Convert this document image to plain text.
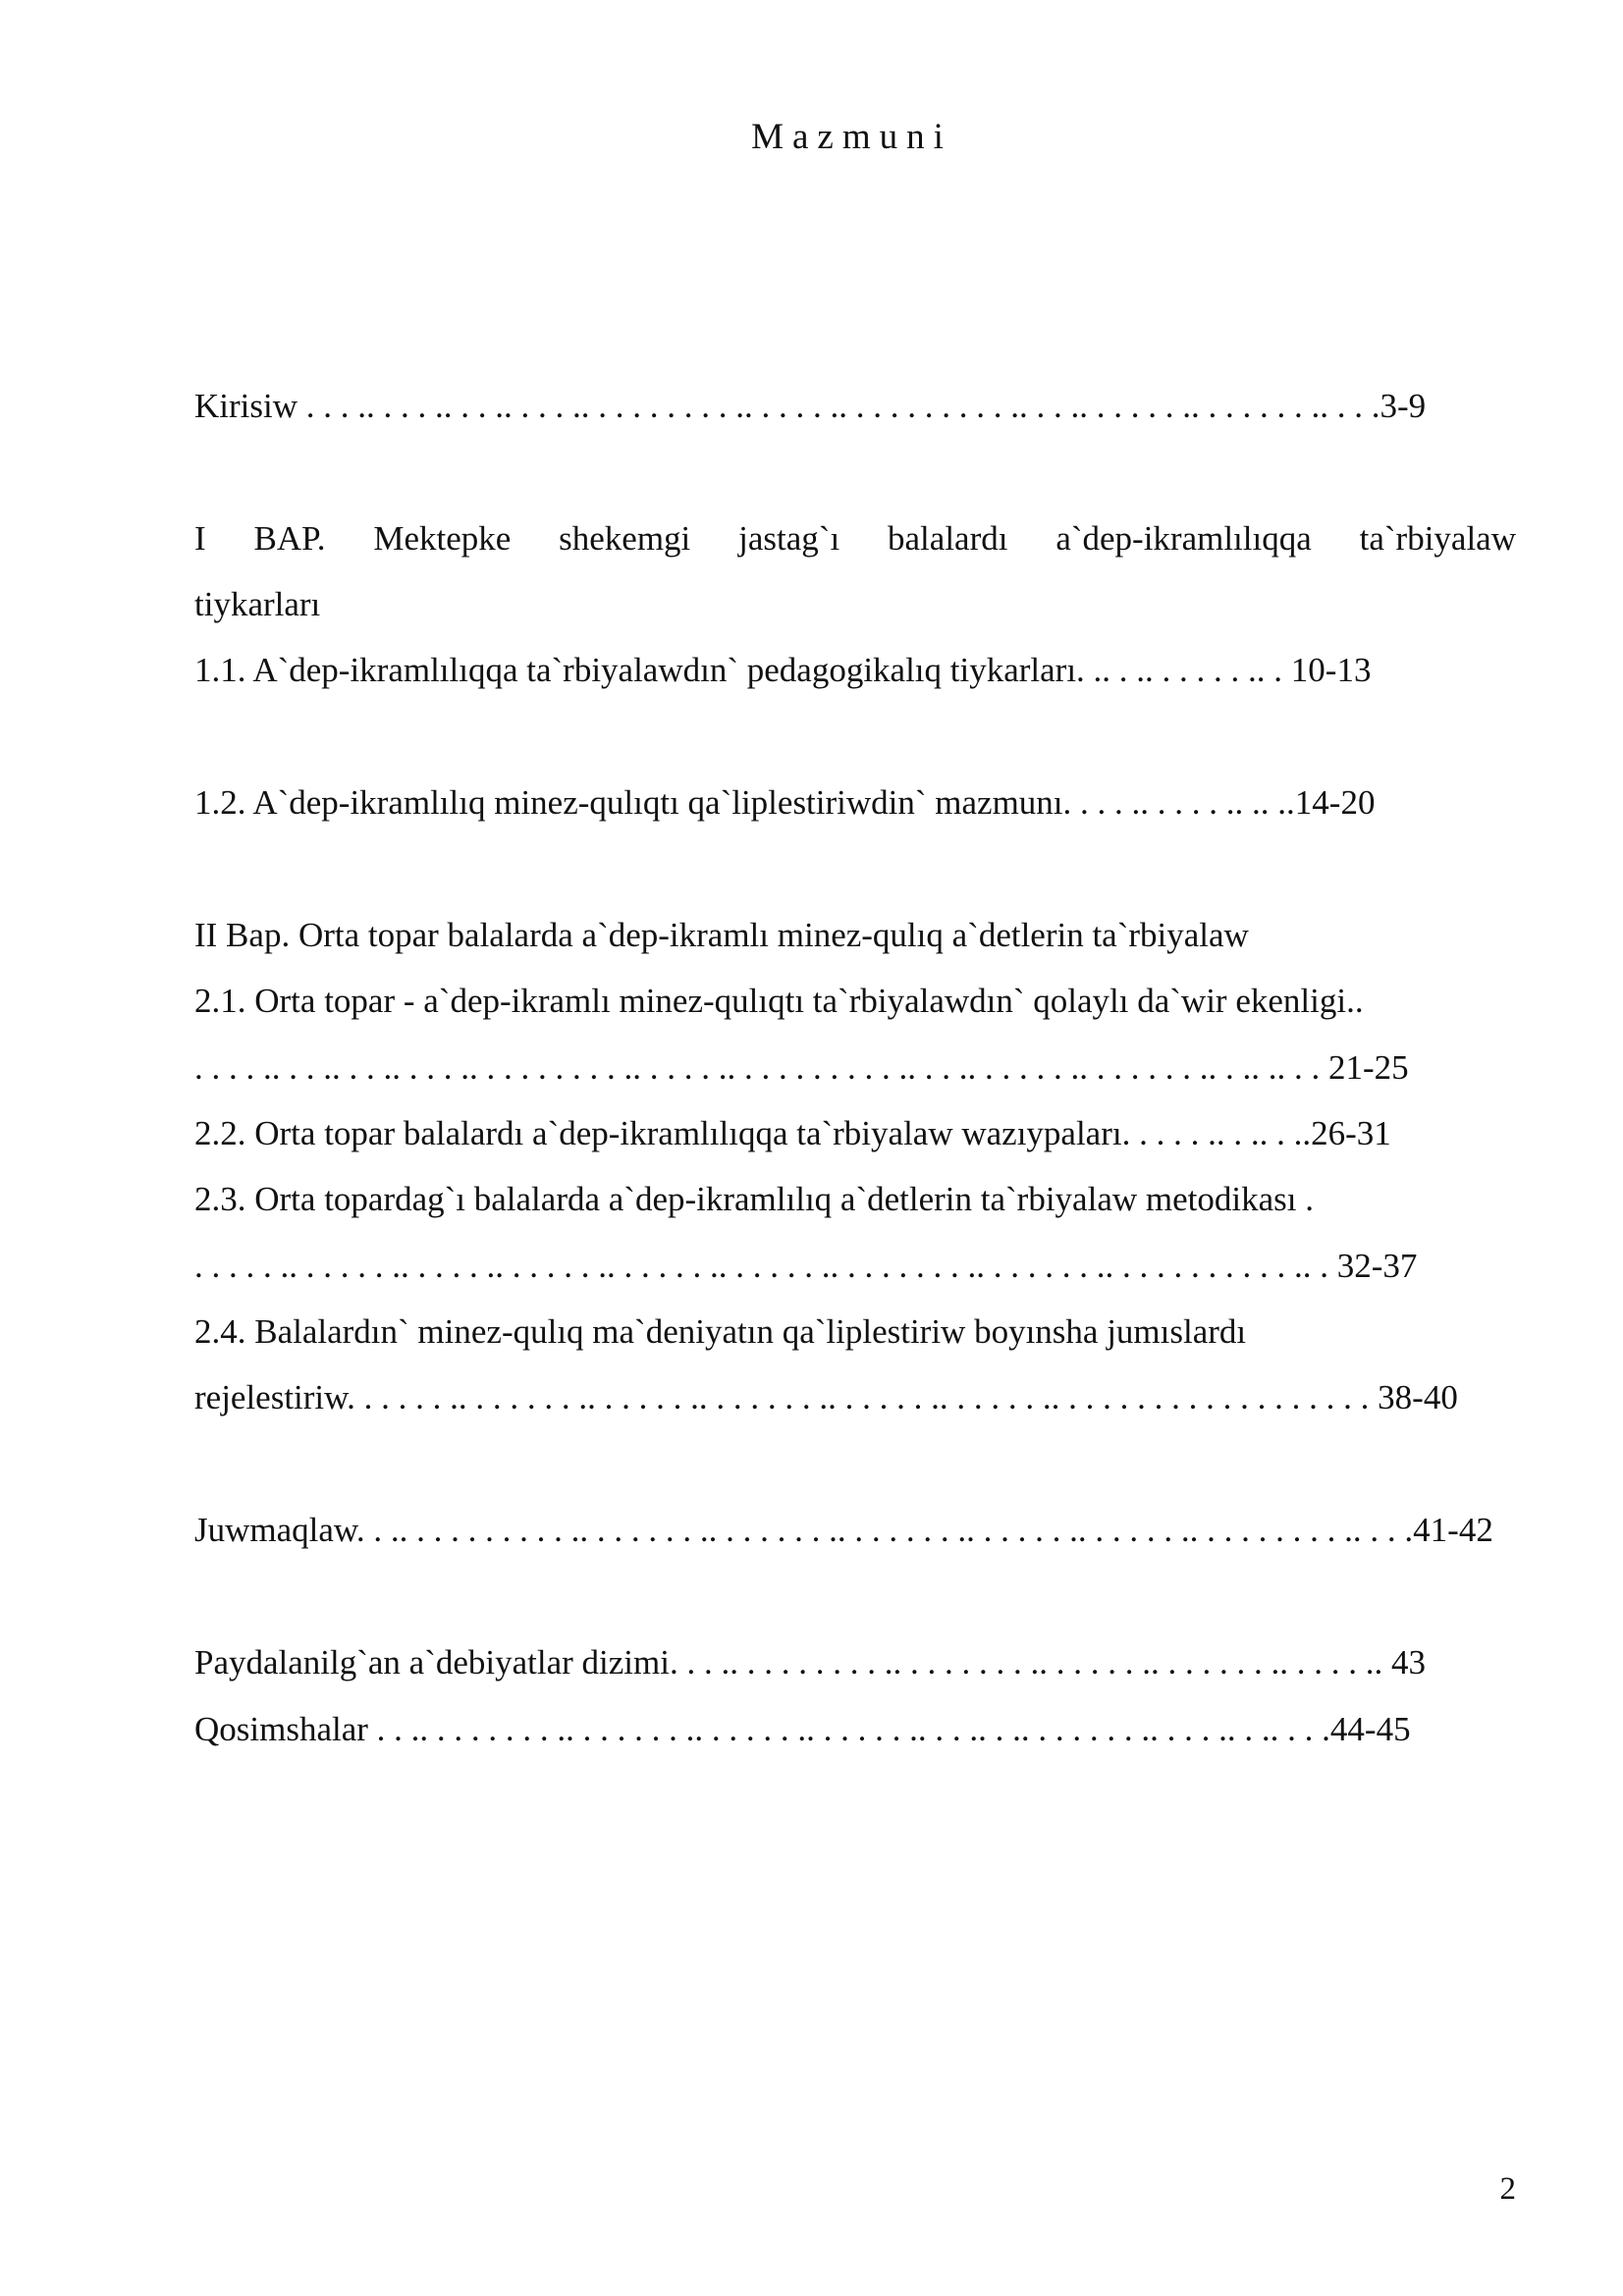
Mazmuni
Kirisiw . . . .. . . . .. . . .. . . . .. . . . . . . . . .. . . . . .. . . . . . . . . . .. . . .. . . . . . .. . . . . . . .. . . .3-9
I BAP. Mektepke shekemgi jastag`ı balalardı a`dep-ikramlılıqqa ta`rbiyalaw
tiykarları
1.1. A`dep-ikramlılıqqa ta`rbiyalawdın` pedagogikalıq tiykarları. .. . .. . . . . . .. . 10-13
1.2. A`dep-ikramlılıq minez-qulıqtı qa`liplestiriwdin` mazmunı. . . . .. . . . . .. .. ..14-20
II Bap. Orta topar balalarda a`dep-ikramlı minez-qulıq a`detlerin ta`rbiyalaw
2.1. Orta topar - a`dep-ikramlı minez-qulıqtı ta`rbiyalawdın` qolaylı da`wir ekenligi..
. . . . .. . . .. . . .. . . . .. . . . . . . . . .. . . . . .. . . . . . . . . . .. . . .. . . . . . .. . . . . . . .. . .. .. . . 21-25
2.2. Orta topar balalardı a`dep-ikramlılıqqa ta`rbiyalaw wazıypaları. . . . . .. . .. . ..26-31
2.3. Orta topardag`ı balalarda a`dep-ikramlılıq a`detlerin ta`rbiyalaw metodikası .
. . . . . .. . . . . . .. . . . . .. . . . . . .. . . . . . .. . . . . . .. . . . . . . . .. . . . . . . .. . . . . . . . . . . .. . 32-37
2.4. Balalardın` minez-qulıq ma`deniyatın qa`liplestiriw boyınsha jumıslardı
rejelestiriw. . . . . . .. . . . . . . .. . . . . . .. . . . . . . .. . . . . . .. . . . . . .. . . . . . . . . . . . . . . . . . . 38-40
Juwmaqlaw. . .. . . . . . . . . . .. . . . . . . .. . . . . . . .. . . . . . . .. . . . . . .. . . . . . .. . . . . . . . . .. . . .41-42
Paydalanilg`an a`debiyatlar dizimi. . . .. . . . . . . . . .. . . . . . . . .. . . . . . .. . . . . . . .. . . . . .. 43
Qosimshalar . . .. . . . . . . . .. . . . . . . .. . . . . . .. . . . . . .. . . .. . .. . . . . . . .. . . . .. . .. . . .44-45
2
